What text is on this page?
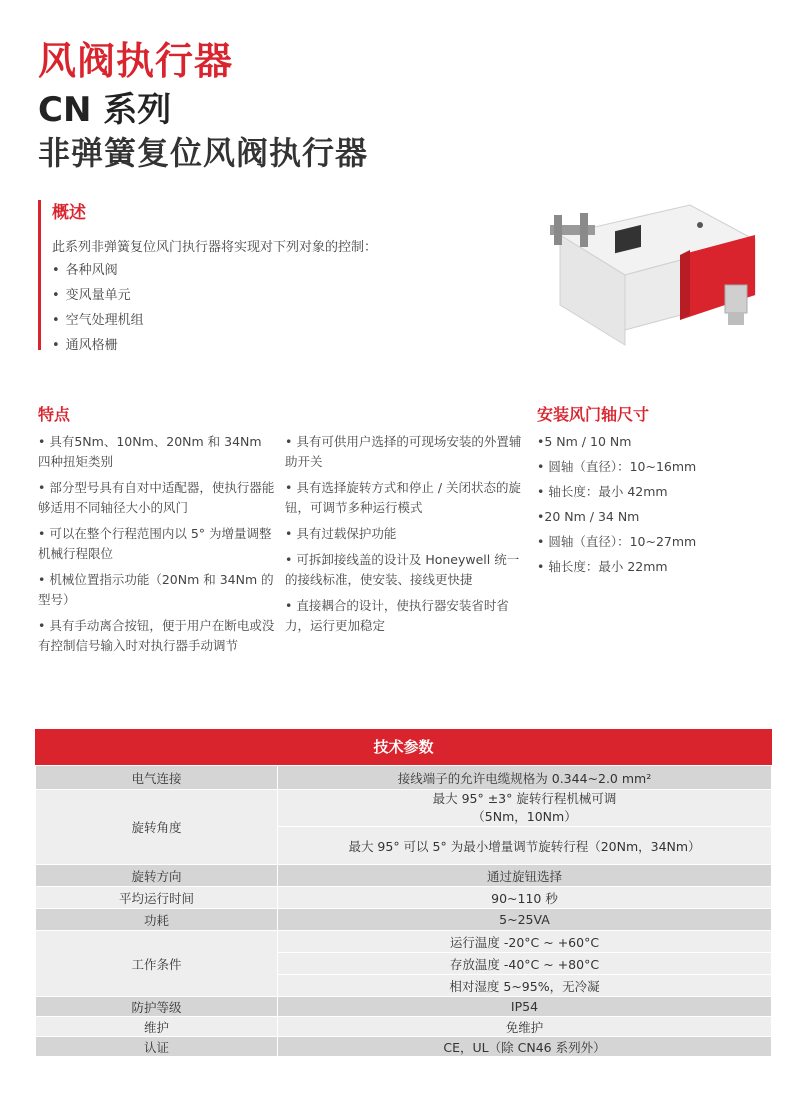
风阀执行器
CN 系列
非弹簧复位风阀执行器
概述
此系列非弹簧复位风门执行器将实现对下列对象的控制：
• 各种风阀
• 变风量单元
• 空气处理机组
• 通风格栅
特点
• 具有5Nm、10Nm、20Nm 和 34Nm 四种扭矩类别
• 部分型号具有自对中适配器，使执行器能够适用不同轴径大小的风门
• 可以在整个行程范围内以 5° 为增量调整机械行程限位
• 机械位置指示功能（20Nm 和 34Nm 的型号）
• 具有手动离合按钮，便于用户在断电或没有控制信号输入时对执行器手动调节
• 具有可供用户选择的可现场安装的外置辅助开关
• 具有选择旋转方式和停止 / 关闭状态的旋钮，可调节多种运行模式
• 具有过载保护功能
• 可拆卸接线盖的设计及 Honeywell 统一的接线标准，使安装、接线更快捷
• 直接耦合的设计，使执行器安装省时省力，运行更加稳定
安装风门轴尺寸
•5 Nm / 10 Nm
• 圆轴（直径）：10~16mm
• 轴长度：最小 42mm
•20 Nm / 34 Nm
• 圆轴（直径）：10~27mm
• 轴长度：最小 22mm
技术参数
电气连接	接线端子的允许电缆规格为 0.344~2.0 mm²
旋转角度	最大 95° ±3° 旋转行程机械可调
（5Nm，10Nm）

	最大 95° 可以 5° 为最小增量调节旋转行程（20Nm，34Nm）
旋转方向	通过旋钮选择
平均运行时间	90~110 秒
功耗	5~25VA
工作条件	运行温度 -20°C ~ +60°C
	存放温度 -40°C ~ +80°C
	相对湿度 5~95%，无冷凝
防护等级	IP54
维护	免维护
认证	CE，UL（除 CN46 系列外）
